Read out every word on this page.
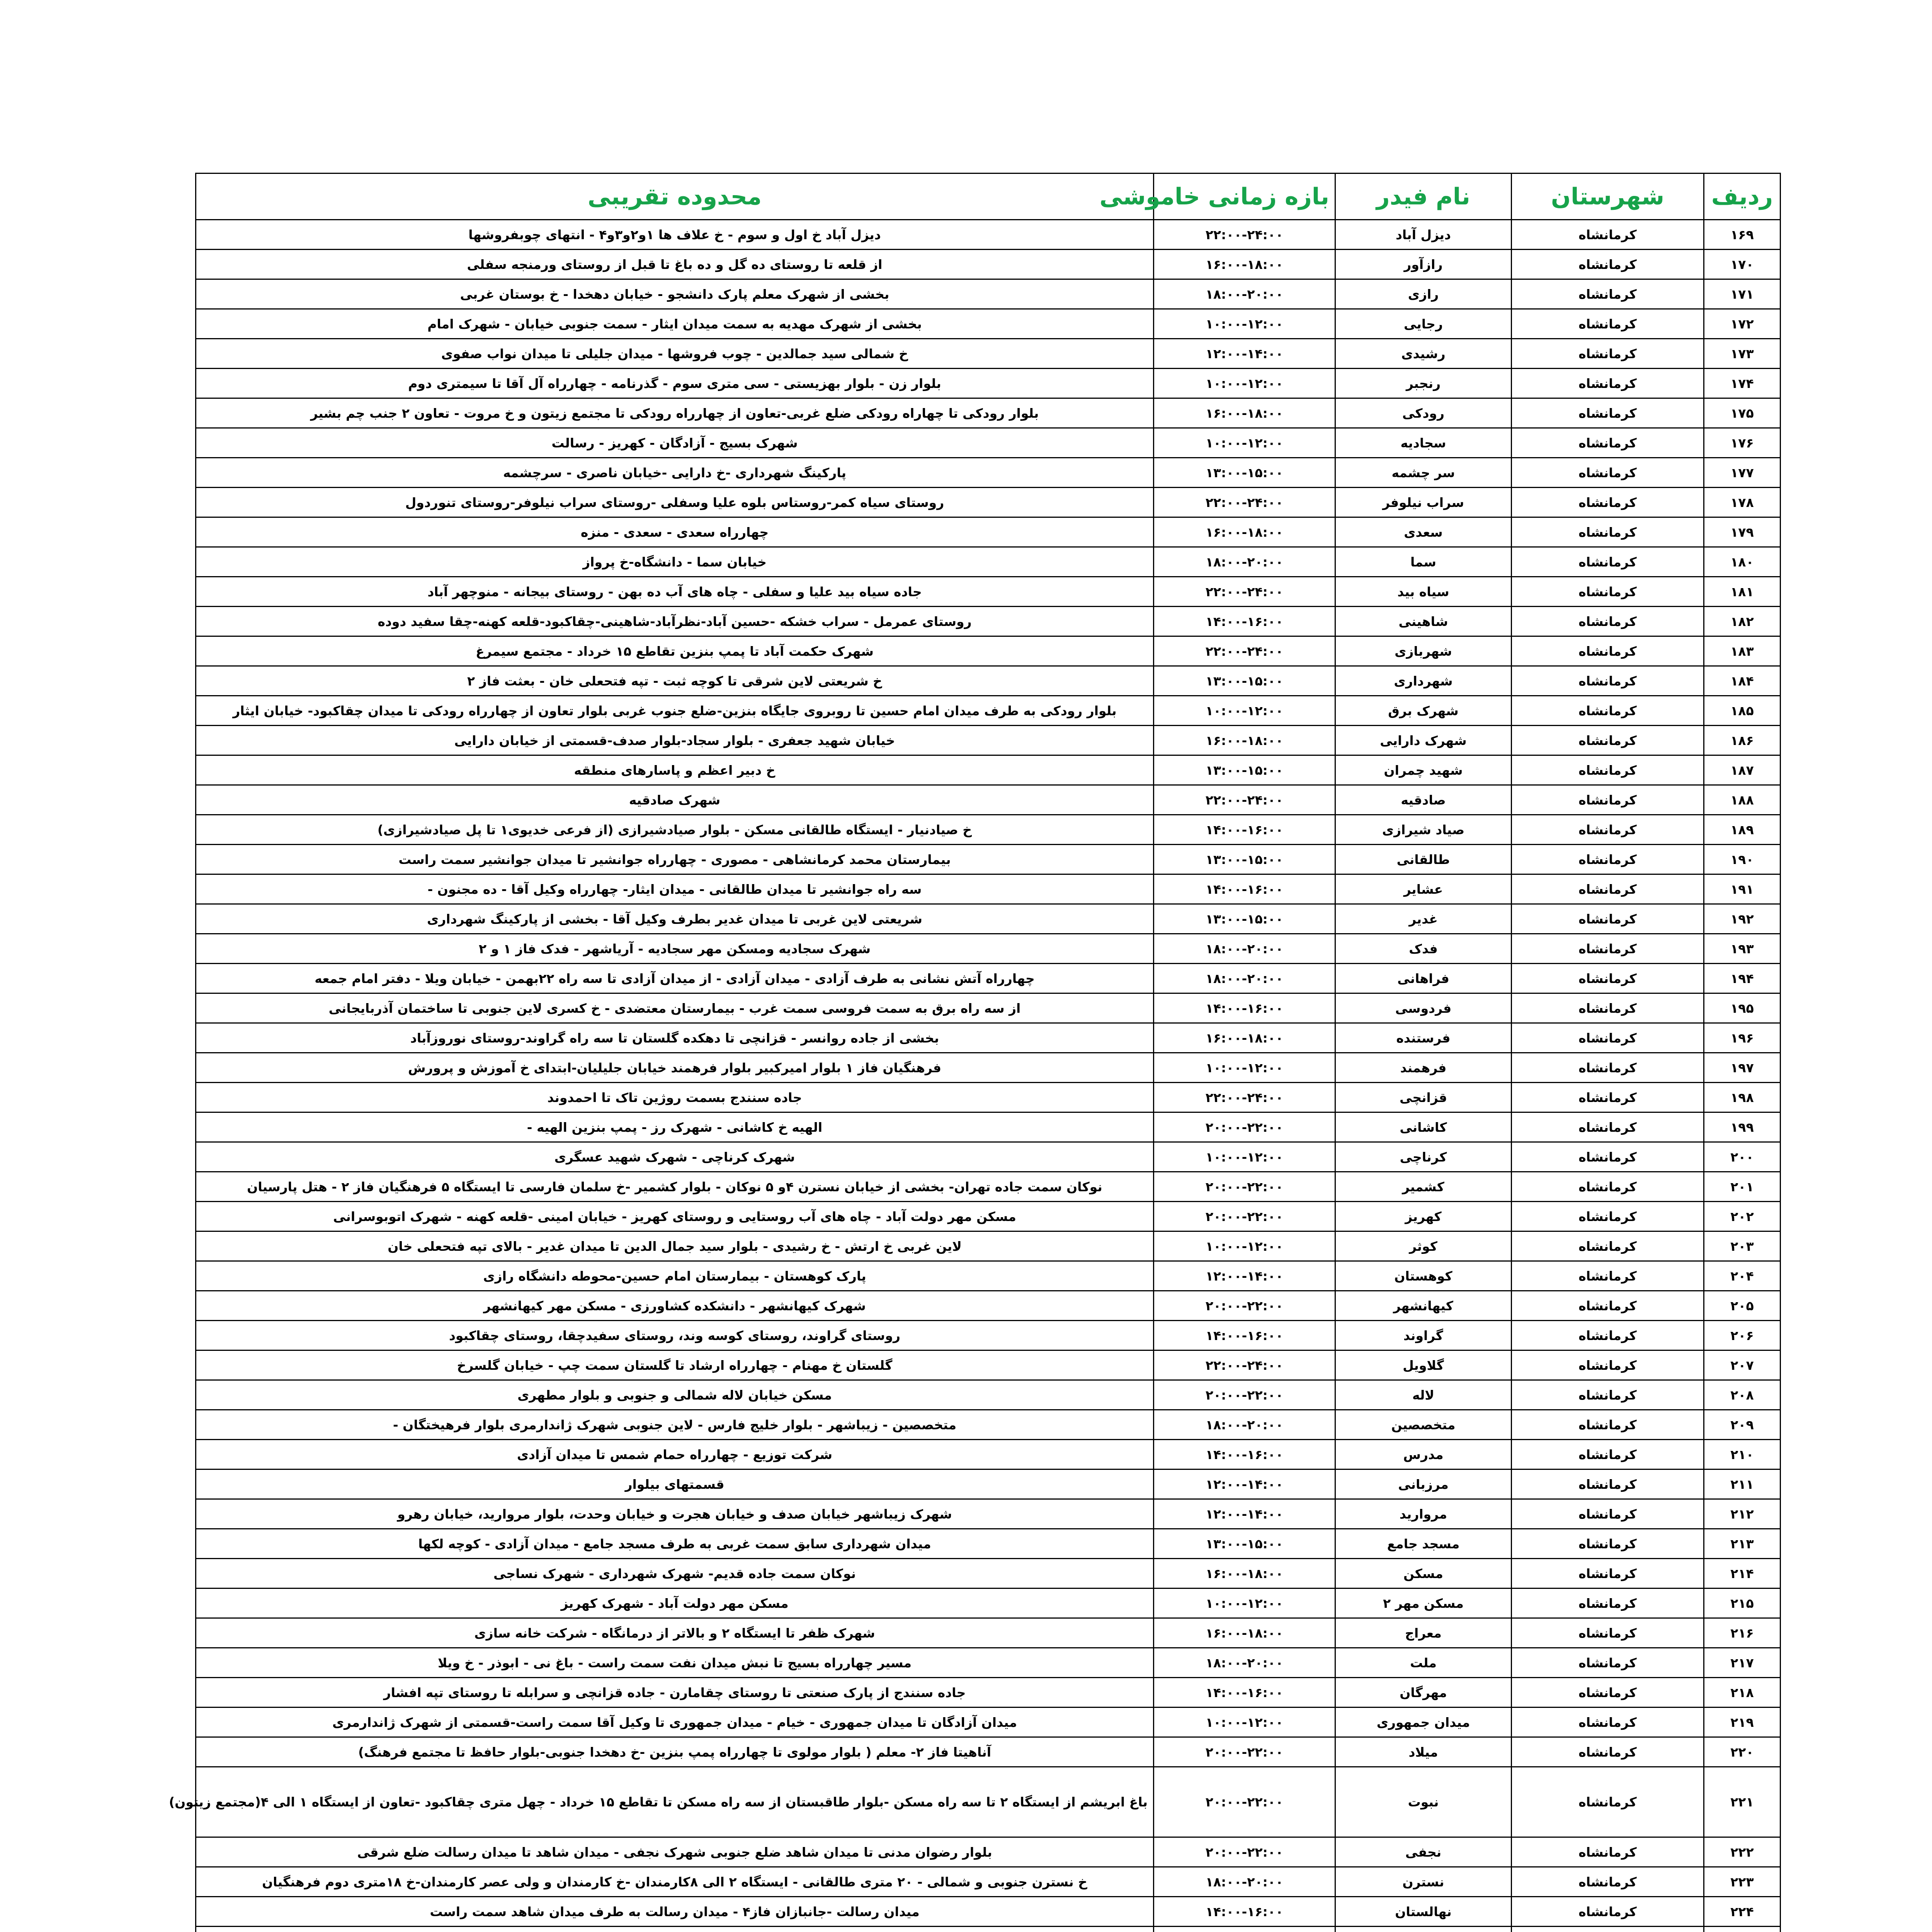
ردیف	شهرستان	نام فیدر	بازه زمانی خاموشی	محدوده تقریبی
۱۶۹	کرمانشاه	دیزل آباد	۲۲:۰۰-۲۴:۰۰	دیزل آباد خ اول و سوم - خ علاف ها ۱و۲و۳و۴ - انتهای چوبفروشها
۱۷۰	کرمانشاه	رازآور	۱۶:۰۰-۱۸:۰۰	از قلعه تا روستای ده گل و ده باغ تا قبل از روستای ورمنجه سفلی
۱۷۱	کرمانشاه	رازی	۱۸:۰۰-۲۰:۰۰	بخشی از شهرک معلم پارک دانشجو - خیابان دهخدا - خ بوستان غربی
۱۷۲	کرمانشاه	رجایی	۱۰:۰۰-۱۲:۰۰	بخشی از شهرک مهدیه به سمت میدان ایثار - سمت جنوبی خیابان - شهرک امام
۱۷۳	کرمانشاه	رشیدی	۱۲:۰۰-۱۴:۰۰	خ شمالی سید جمالدین - چوب فروشها - میدان جلیلی تا میدان نواب صفوی
۱۷۴	کرمانشاه	رنجبر	۱۰:۰۰-۱۲:۰۰	بلوار زن - بلوار بهزیستی - سی متری سوم - گذرنامه - چهارراه آل آقا تا سیمتری دوم
۱۷۵	کرمانشاه	رودکی	۱۶:۰۰-۱۸:۰۰	بلوار رودکی تا چهاراه رودکی ضلع غربی-تعاون از چهارراه رودکی تا مجتمع زیتون و خ مروت - تعاون ۲ جنب چم بشیر
۱۷۶	کرمانشاه	سجادیه	۱۰:۰۰-۱۲:۰۰	شهرک بسیج - آزادگان - کهریز - رسالت
۱۷۷	کرمانشاه	سر چشمه	۱۳:۰۰-۱۵:۰۰	پارکینگ شهرداری -خ دارایی -خیابان ناصری - سرچشمه
۱۷۸	کرمانشاه	سراب نیلوفر	۲۲:۰۰-۲۴:۰۰	روستای سیاه کمر-روستاس بلوه علیا وسفلی -روستای سراب نیلوفر-روستای تنوردول
۱۷۹	کرمانشاه	سعدی	۱۶:۰۰-۱۸:۰۰	چهارراه سعدی - سعدی - منزه
۱۸۰	کرمانشاه	سما	۱۸:۰۰-۲۰:۰۰	خیابان سما - دانشگاه-خ پرواز
۱۸۱	کرمانشاه	سیاه بید	۲۲:۰۰-۲۴:۰۰	جاده سیاه بید علیا و سفلی - چاه های آب ده بهن - روستای بیجانه - منوچهر آباد
۱۸۲	کرمانشاه	شاهینی	۱۴:۰۰-۱۶:۰۰	روستای عمرمل - سراب خشکه -حسین آباد-نظرآباد-شاهینی-چقاکبود-قلعه کهنه-چقا سفید دوده
۱۸۳	کرمانشاه	شهربازی	۲۲:۰۰-۲۴:۰۰	شهرک حکمت آباد تا پمپ بنزین تقاطع ۱۵ خرداد - مجتمع سیمرغ
۱۸۴	کرمانشاه	شهرداری	۱۳:۰۰-۱۵:۰۰	خ شریعتی لاین شرقی تا کوچه ثبت - تپه فتحعلی خان - بعثت فاز ۲
۱۸۵	کرمانشاه	شهرک برق	۱۰:۰۰-۱۲:۰۰	بلوار رودکی به طرف میدان امام حسین تا روبروی جایگاه بنزین-ضلع جنوب غربی بلوار تعاون از چهارراه رودکی تا میدان چقاکبود- خیابان ایثار
۱۸۶	کرمانشاه	شهرک دارایی	۱۶:۰۰-۱۸:۰۰	خیابان شهید جعفری - بلوار سجاد-بلوار صدف-قسمتی از خیابان دارایی
۱۸۷	کرمانشاه	شهید چمران	۱۳:۰۰-۱۵:۰۰	خ دبیر اعظم و پاسارهای منطقه
۱۸۸	کرمانشاه	صادقیه	۲۲:۰۰-۲۴:۰۰	شهرک صادقیه
۱۸۹	کرمانشاه	صیاد شیرازی	۱۴:۰۰-۱۶:۰۰	خ صیادنیار - ایستگاه طالقانی مسکن - بلوار صیادشیرازی (از فرعی خدیوی۱ تا پل صیادشیرازی)
۱۹۰	کرمانشاه	طالقانی	۱۳:۰۰-۱۵:۰۰	بیمارستان محمد کرمانشاهی - مصوری - چهارراه جوانشیر تا میدان جوانشیر سمت راست
۱۹۱	کرمانشاه	عشایر	۱۴:۰۰-۱۶:۰۰	سه راه جوانشیر تا میدان طالقانی - میدان ایثار- چهارراه وکیل آقا - ده مجنون -
۱۹۲	کرمانشاه	غدیر	۱۳:۰۰-۱۵:۰۰	شریعتی لاین غربی تا میدان غدیر بطرف وکیل آقا - بخشی از پارکینگ شهرداری
۱۹۳	کرمانشاه	فدک	۱۸:۰۰-۲۰:۰۰	شهرک سجادیه ومسکن مهر سجادیه - آریاشهر - فدک فاز ۱ و ۲
۱۹۴	کرمانشاه	فراهانی	۱۸:۰۰-۲۰:۰۰	چهارراه آتش نشانی به طرف آزادی - میدان آزادی - از میدان آزادی تا سه راه ۲۲بهمن - خیابان ویلا - دفتر امام جمعه
۱۹۵	کرمانشاه	فردوسی	۱۴:۰۰-۱۶:۰۰	از سه راه برق به سمت فروسی سمت غرب - بیمارستان معتضدی - خ کسری لاین جنوبی تا ساختمان آذربایجانی
۱۹۶	کرمانشاه	فرستنده	۱۶:۰۰-۱۸:۰۰	بخشی از جاده روانسر - قزانچی تا دهکده گلستان تا سه راه گراوند-روستای نوروزآباد
۱۹۷	کرمانشاه	فرهمند	۱۰:۰۰-۱۲:۰۰	فرهنگیان فاز ۱ بلوار امیرکبیر بلوار فرهمند خیابان جلیلیان-ابتدای خ آموزش و پرورش
۱۹۸	کرمانشاه	قزانچی	۲۲:۰۰-۲۴:۰۰	جاده سنندج بسمت روژین تاک تا احمدوند
۱۹۹	کرمانشاه	کاشانی	۲۰:۰۰-۲۲:۰۰	الهیه خ کاشانی - شهرک رز - پمپ بنزین الهیه -
۲۰۰	کرمانشاه	کرناچی	۱۰:۰۰-۱۲:۰۰	شهرک کرناچی - شهرک شهید عسگری
۲۰۱	کرمانشاه	کشمیر	۲۰:۰۰-۲۲:۰۰	نوکان سمت جاده تهران- بخشی از خیابان نسترن ۴و ۵ نوکان - بلوار کشمیر -خ سلمان فارسی تا ایستگاه ۵ فرهنگیان فاز ۲ - هتل پارسیان
۲۰۲	کرمانشاه	کهریز	۲۰:۰۰-۲۲:۰۰	مسکن مهر دولت آباد - چاه های آب روستایی و روستای کهریز - خیابان امینی -قلعه کهنه - شهرک اتوبوسرانی
۲۰۳	کرمانشاه	کوثر	۱۰:۰۰-۱۲:۰۰	لاین غربی خ ارتش - خ رشیدی - بلوار سید جمال الدین تا میدان غدیر - بالای تپه فتحعلی خان
۲۰۴	کرمانشاه	کوهستان	۱۲:۰۰-۱۴:۰۰	پارک کوهستان - بیمارستان امام حسین-محوطه دانشگاه رازی
۲۰۵	کرمانشاه	کیهانشهر	۲۰:۰۰-۲۲:۰۰	شهرک کیهانشهر - دانشکده کشاورزی - مسکن مهر کیهانشهر
۲۰۶	کرمانشاه	گراوند	۱۴:۰۰-۱۶:۰۰	روستای گراوند، روستای کوسه وند، روستای سفیدچقا، روستای چقاکبود
۲۰۷	کرمانشاه	گلاویل	۲۲:۰۰-۲۴:۰۰	گلستان خ مهنام - چهارراه ارشاد تا گلستان سمت چپ - خیابان گلسرخ
۲۰۸	کرمانشاه	لاله	۲۰:۰۰-۲۲:۰۰	مسکن خیابان لاله شمالی و جنوبی و بلوار مطهری
۲۰۹	کرمانشاه	متخصصین	۱۸:۰۰-۲۰:۰۰	متخصصین - زیباشهر - بلوار خلیج فارس - لاین جنوبی شهرک ژاندارمری بلوار فرهیختگان -
۲۱۰	کرمانشاه	مدرس	۱۴:۰۰-۱۶:۰۰	شرکت توزیع - چهارراه حمام شمس تا میدان آزادی
۲۱۱	کرمانشاه	مرزبانی	۱۲:۰۰-۱۴:۰۰	قسمتهای بیلوار
۲۱۲	کرمانشاه	مروارید	۱۲:۰۰-۱۴:۰۰	شهرک زیباشهر خیابان صدف و خیابان هجرت و خیابان وحدت، بلوار مروارید، خیابان رهرو
۲۱۳	کرمانشاه	مسجد جامع	۱۳:۰۰-۱۵:۰۰	میدان شهرداری سابق سمت غربی به طرف مسجد جامع - میدان آزادی - کوچه لکها
۲۱۴	کرمانشاه	مسکن	۱۶:۰۰-۱۸:۰۰	نوکان سمت جاده قدیم- شهرک شهرداری - شهرک نساجی
۲۱۵	کرمانشاه	مسکن مهر ۲	۱۰:۰۰-۱۲:۰۰	مسکن مهر دولت آباد - شهرک کهریز
۲۱۶	کرمانشاه	معراج	۱۶:۰۰-۱۸:۰۰	شهرک ظفر تا ایستگاه ۲ و بالاتر از درمانگاه - شرکت خانه سازی
۲۱۷	کرمانشاه	ملت	۱۸:۰۰-۲۰:۰۰	مسیر چهارراه بسیج تا نبش میدان نفت سمت راست - باغ نی - ابوذر - خ ویلا
۲۱۸	کرمانشاه	مهرگان	۱۴:۰۰-۱۶:۰۰	جاده سنندج از پارک صنعتی تا روستای چقامارن - جاده قزانچی و سرابله تا روستای تپه افشار
۲۱۹	کرمانشاه	میدان جمهوری	۱۰:۰۰-۱۲:۰۰	میدان آزادگان تا میدان جمهوری - خیام - میدان جمهوری تا وکیل آقا سمت راست-قسمتی از شهرک ژاندارمری
۲۲۰	کرمانشاه	میلاد	۲۰:۰۰-۲۲:۰۰	آناهیتا فاز ۲- معلم ( بلوار مولوی تا چهارراه پمپ بنزین -خ دهخدا جنوبی-بلوار حافظ تا مجتمع فرهنگ)
۲۲۱	کرمانشاه	نبوت	۲۰:۰۰-۲۲:۰۰	باغ ابریشم از ایستگاه ۲ تا سه راه مسکن -بلوار طاقبستان از سه راه مسکن تا تقاطع ۱۵ خرداد - چهل متری چقاکبود -تعاون از ایستگاه ۱ الی ۴(مجتمع زیتون)
۲۲۲	کرمانشاه	نجفی	۲۰:۰۰-۲۲:۰۰	بلوار رضوان مدنی تا میدان شاهد ضلع جنوبی شهرک نجفی - میدان شاهد تا میدان رسالت ضلع شرقی
۲۲۳	کرمانشاه	نسترن	۱۸:۰۰-۲۰:۰۰	خ نسترن جنوبی و شمالی - ۲۰ متری طالقانی - ایستگاه ۲ الی ۸کارمندان -خ کارمندان و ولی عصر کارمندان-خ ۱۸متری دوم فرهنگیان
۲۲۴	کرمانشاه	نهالستان	۱۴:۰۰-۱۶:۰۰	میدان رسالت -جانبازان فاز۴ - میدان رسالت به طرف میدان شاهد سمت راست
